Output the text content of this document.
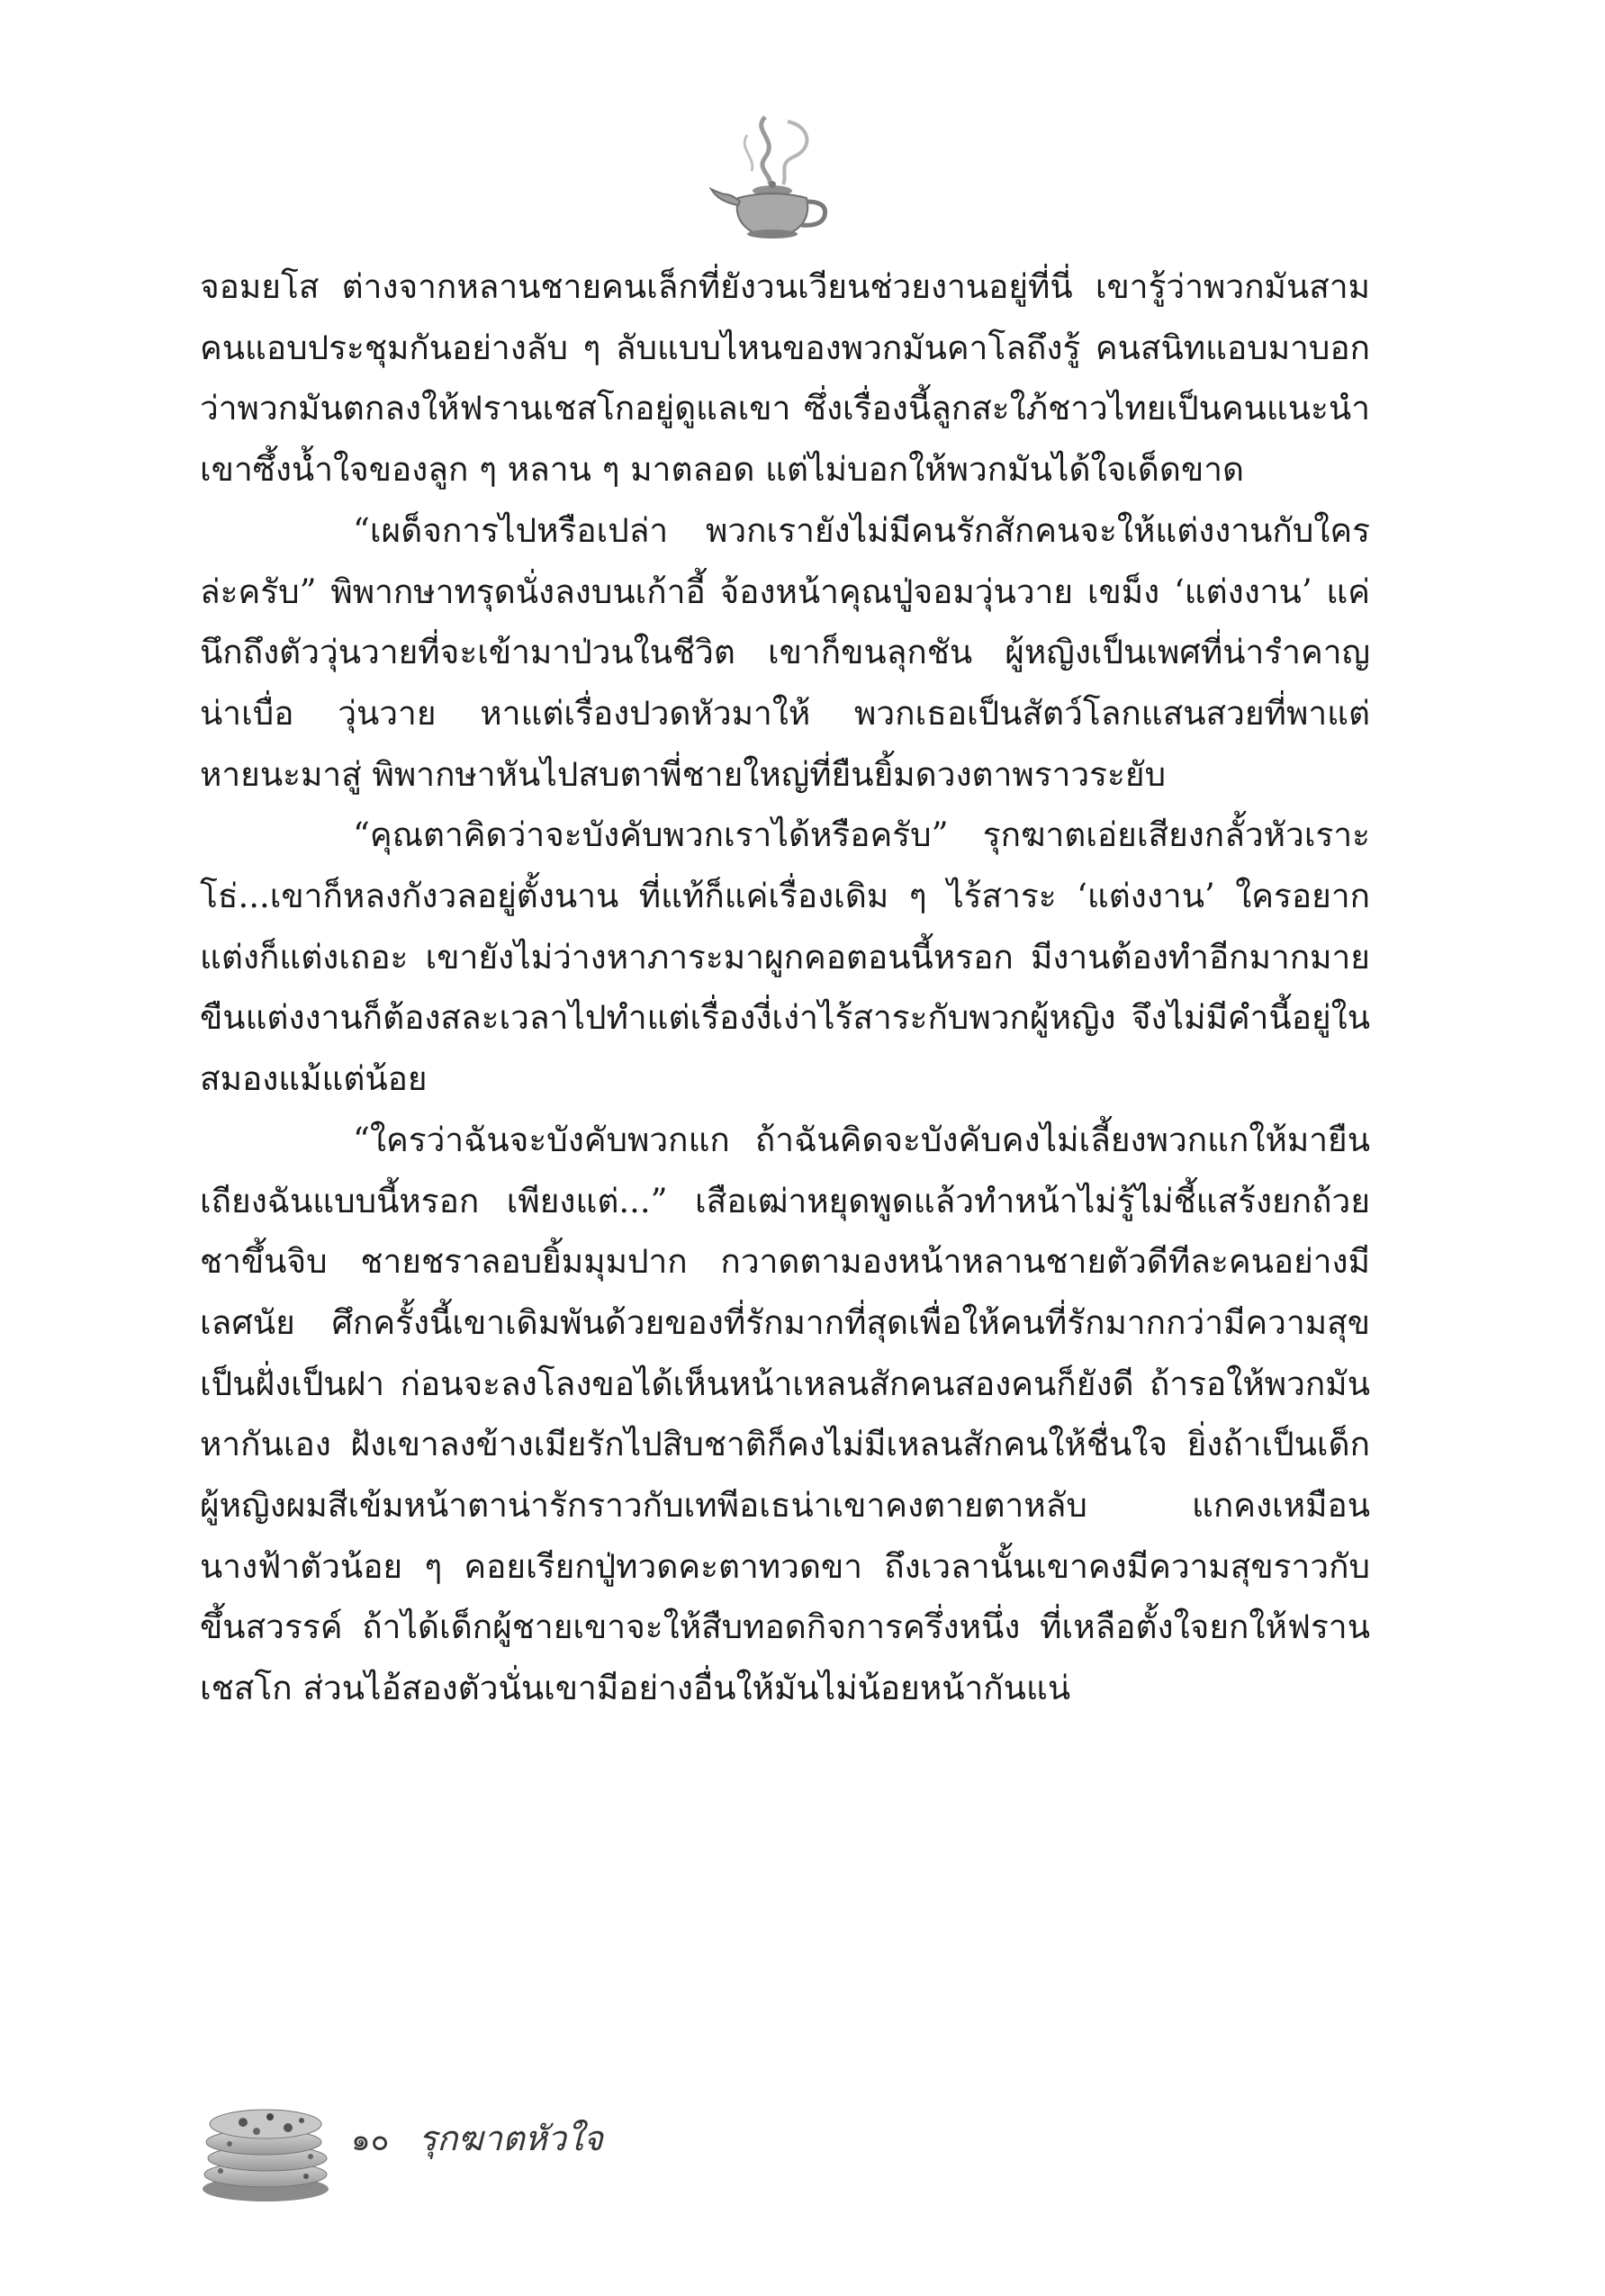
จอมยโส ต่างจากหลานชายคนเล็กที่ยังวนเวียนช่วยงานอยู่ที่นี่ เขารู้ว่าพวกมันสามคนแอบประชุมกันอย่างลับ ๆ ลับแบบไหนของพวกมันคาโลถึงรู้ คนสนิทแอบมาบอกว่าพวกมันตกลงให้ฟรานเชสโกอยู่ดูแลเขา ซึ่งเรื่องนี้ลูกสะใภ้ชาวไทยเป็นคนแนะนำ เขาซึ้งน้ำใจของลูก ๆ หลาน ๆ มาตลอด แต่ไม่บอกให้พวกมันได้ใจเด็ดขาด

“เผด็จการไปหรือเปล่า พวกเรายังไม่มีคนรักสักคนจะให้แต่งงานกับใครล่ะครับ” พิพากษาทรุดนั่งลงบนเก้าอี้ จ้องหน้าคุณปู่จอมวุ่นวาย เขม็ง ‘แต่งงาน’ แค่นึกถึงตัววุ่นวายที่จะเข้ามาป่วนในชีวิต เขาก็ขนลุกชัน ผู้หญิงเป็นเพศที่น่ารำคาญ น่าเบื่อ วุ่นวาย หาแต่เรื่องปวดหัวมาให้ พวกเธอเป็นสัตว์โลกแสนสวยที่พาแต่หายนะมาสู่ พิพากษาหันไปสบตาพี่ชายใหญ่ที่ยืนยิ้มดวงตาพราวระยับ

“คุณตาคิดว่าจะบังคับพวกเราได้หรือครับ” รุกฆาตเอ่ยเสียงกลั้วหัวเราะ โธ่...เขาก็หลงกังวลอยู่ตั้งนาน ที่แท้ก็แค่เรื่องเดิม ๆ ไร้สาระ ‘แต่งงาน’ ใครอยากแต่งก็แต่งเถอะ เขายังไม่ว่างหาภาระมาผูกคอตอนนี้หรอก มีงานต้องทำอีกมากมาย ขืนแต่งงานก็ต้องสละเวลาไปทำแต่เรื่องงี่เง่าไร้สาระกับพวกผู้หญิง จึงไม่มีคำนี้อยู่ในสมองแม้แต่น้อย

“ใครว่าฉันจะบังคับพวกแก ถ้าฉันคิดจะบังคับคงไม่เลี้ยงพวกแกให้มายืนเถียงฉันแบบนี้หรอก เพียงแต่...” เสือเฒ่าหยุดพูดแล้วทำหน้าไม่รู้ไม่ชี้แสร้งยกถ้วยชาขึ้นจิบ ชายชราลอบยิ้มมุมปาก กวาดตามองหน้าหลานชายตัวดีทีละคนอย่างมีเลศนัย ศึกครั้งนี้เขาเดิมพันด้วยของที่รักมากที่สุดเพื่อให้คนที่รักมากกว่ามีความสุขเป็นฝั่งเป็นฝา ก่อนจะลงโลงขอได้เห็นหน้าเหลนสักคนสองคนก็ยังดี ถ้ารอให้พวกมันหากันเอง ฝังเขาลงข้างเมียรักไปสิบชาติก็คงไม่มีเหลนสักคนให้ชื่นใจ ยิ่งถ้าเป็นเด็กผู้หญิงผมสีเข้มหน้าตาน่ารักราวกับเทพีอเธน่าเขาคงตายตาหลับ แกคงเหมือนนางฟ้าตัวน้อย ๆ คอยเรียกปู่ทวดคะตาทวดขา ถึงเวลานั้นเขาคงมีความสุขราวกับขึ้นสวรรค์ ถ้าได้เด็กผู้ชายเขาจะให้สืบทอดกิจการครึ่งหนึ่ง ที่เหลือตั้งใจยกให้ฟรานเชสโก ส่วนไอ้สองตัวนั่นเขามีอย่างอื่นให้มันไม่น้อยหน้ากันแน่

๑๐ รุกฆาตหัวใจ
